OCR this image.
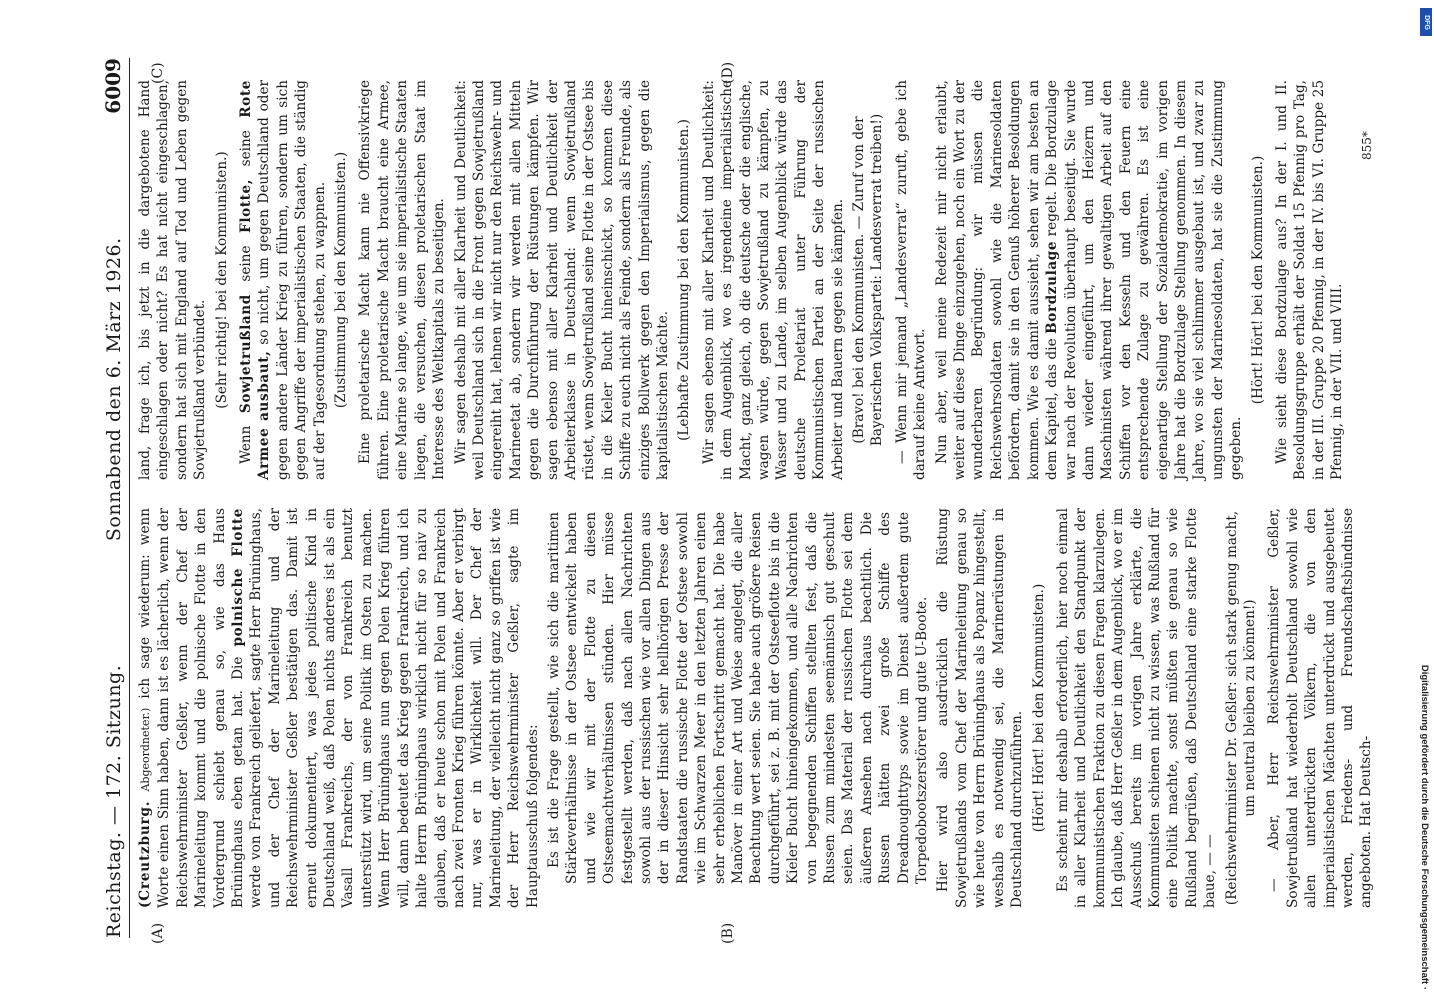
Reichstag. — 172. Sitzung.
Sonnabend den 6. März 1926.
6009
(A)	(B)
(C)	(D)

(Creutzburg. Abgeordneter.) ich sage wiederum: wenn Worte einen Sinn haben, dann ist es lächerlich, wenn der Reichswehrminister Geßler, wenn der Chef der Marineleitung kommt und die polnische Flotte in den Vordergrund schiebt genau so, wie das Haus Brüninghaus eben getan hat. Die polnische Flotte werde von Frankreich geliefert, sagte Herr Brüninghaus, und der Chef der Marineleitung und der Reichswehrminister Geßler bestätigen das. Damit ist erneut dokumentiert, was jedes politische Kind in Deutschland weiß, daß Polen nichts anderes ist als ein Vasall Frankreichs, der von Frankreich benutzt unterstützt wird, um seine Politik im Osten zu machen. Wenn Herr Brüninghaus nun gegen Polen Krieg führen will, dann bedeutet das Krieg gegen Frankreich, und ich halte Herrn Brüninghaus wirklich nicht für so naiv zu glauben, daß er heute schon mit Polen und Frankreich nach zwei Fronten Krieg führen könnte. Aber er verbirgt nur, was er in Wirklichkeit will. Der Chef der Marineleitung, der vielleicht nicht ganz so griffen ist wie der Herr Reichswehrminister Geßler, sagte im Hauptausschuß folgendes: Es ist die Frage gestellt, wie sich die maritimen Stärkeverhältnisse in der Ostsee entwickelt haben und wie wir mit der Flotte zu diesen Ostseemachtverhältnissen stünden. Hier müsse festgestellt werden, daß nach allen Nachrichten sowohl aus der russischen wie vor allen Dingen aus der in dieser Hinsicht sehr hellhörigen Presse der Randstaaten die russische Flotte der Ostsee sowohl wie im Schwarzen Meer in den letzten Jahren einen sehr erheblichen Fortschritt gemacht hat. Die habe Manöver in einer Art und Weise angelegt, die aller Beachtung wert seien. Sie habe auch größere Reisen durchgeführt, sei z. B. mit der Ostseeflotte bis in die Kieler Bucht hineingekommen, und alle Nachrichten von begegnenden Schiffen stellten fest, daß die Russen zum mindesten seemännisch gut geschult seien. Das Material der russischen Flotte sei dem äußeren Ansehen nach durchaus beachtlich. Die Russen hätten zwei große Schiffe des Dreadnoughttyps sowie im Dienst außerdem gute Torpedobootszerstörer und gute U-Boote. Hier wird also ausdrücklich die Rüstung Sowjetrußlands vom Chef der Marineleitung genau so wie heute von Herrn Brüninghaus als Popanz hingestellt, weshalb es notwendig sei, die Marinerüstungen in Deutschland durchzuführen. (Hört! Hört! bei den Kommunisten.) Es scheint mir deshalb erforderlich, hier noch einmal in aller Klarheit und Deutlichkeit den Standpunkt der kommunistischen Fraktion zu diesen Fragen klarzulegen. Ich glaube, daß Herr Geßler in dem Augenblick, wo er im Ausschuß bereits im vorigen Jahre erklärte, die Kommunisten schienen nicht zu wissen, was Rußland für eine Politik machte, sonst müßten sie genau so wie Rußland begrüßen, daß Deutschland eine starke Flotte baue, — — (Reichswehrminister Dr. Geßler: sich stark genug macht, um neutral bleiben zu können!) — Aber, Herr Reichswehrminister Geßler, Sowjetrußland hat wiederholt Deutschland sowohl wie allen unterdrückten Völkern, die von den imperialistischen Mächten unterdrückt und ausgebeutet werden, Friedens- und Freundschaftsbündnisse angeboten. Hat Deutsch-

land, frage ich, bis jetzt in die dargebotene Hand eingeschlagen oder nicht? Es hat nicht eingeschlagen, sondern hat sich mit England auf Tod und Leben gegen Sowjetrußland verbündet. (Sehr richtig! bei den Kommunisten.)

Wenn Sowjetrußland seine Flotte, seine Rote Armee ausbaut, so nicht, um gegen Deutschland oder gegen andere Länder Krieg zu führen, sondern um sich gegen Angriffe der imperialistischen Staaten, die ständig auf der Tagesordnung stehen, zu wappnen. (Zustimmung bei den Kommunisten.) Eine proletarische Macht kann nie Offensivkriege führen. Eine proletarische Macht braucht eine Armee, eine Marine so lange, wie um sie imperialistische Staaten liegen, die versuchen, diesen proletarischen Staat im Interesse des Weltkapitals zu beseitigen. Wir sagen deshalb mit aller Klarheit und Deutlichkeit: weil Deutschland sich in die Front gegen Sowjetrußland eingereiht hat, lehnen wir nicht nur den Reichswehr- und Marineetat ab, sondern wir werden mit allen Mitteln gegen die Durchführung der Rüstungen kämpfen. Wir sagen ebenso mit aller Klarheit und Deutlichkeit der Arbeiterklasse in Deutschland: wenn Sowjetrußland rüstet, wenn Sowjetrußland seine Flotte in der Ostsee bis in die Kieler Bucht hineinschickt, so kommen diese Schiffe zu euch nicht als Feinde, sondern als Freunde, als einziges Bollwerk gegen den Imperialismus, gegen die kapitalistischen Mächte. (Lebhafte Zustimmung bei den Kommunisten.) Wir sagen ebenso mit aller Klarheit und Deutlichkeit: in dem Augenblick, wo es irgendeine imperialistische Macht, ganz gleich, ob die deutsche oder die englische, wagen würde, gegen Sowjetrußland zu kämpfen, zu Wasser und zu Lande, im selben Augenblick würde das deutsche Proletariat unter Führung der Kommunistischen Partei an der Seite der russischen Arbeiter und Bauern gegen sie kämpfen. (Bravo! bei den Kommunisten. — Zuruf von der Bayerischen Volkspartei: Landesverrat treiben!) — Wenn mir jemand „Landesverrat“ zuruft, gebe ich darauf keine Antwort. Nun aber, weil meine Redezeit mir nicht erlaubt, weiter auf diese Dinge einzugehen, noch ein Wort zu der wunderbaren Begründung: wir müssen die Reichswehrsoldaten sowohl wie die Marinesoldaten befördern, damit sie in den Genuß höherer Besoldungen kommen. Wie es damit aussieht, sehen wir am besten an dem Kapitel, das die Bordzulage regelt. Die Bordzulage war nach der Revolution überhaupt beseitigt. Sie wurde dann wieder eingeführt, um den Heizern und Maschinisten während ihrer gewaltigen Arbeit auf den Schiffen vor den Kesseln und den Feuern eine entsprechende Zulage zu gewähren. Es ist eine eigenartige Stellung der Sozialdemokratie, im vorigen Jahre hat die Bordzulage Stellung genommen. In diesem Jahre, wo sie viel schlimmer ausgebaut ist, und zwar zu ungunsten der Marinesoldaten, hat sie die Zustimmung gegeben.

(Hört! Hört! bei den Kommunisten.) Wie sieht diese Bordzulage aus? In der I. und II. Besoldungsgruppe erhält der Soldat 15 Pfennig pro Tag, in der III. Gruppe 20 Pfennig, in der IV. bis VI. Gruppe 25 Pfennig, in der VII. und VIII.

855*
Digitalisierung gefördert durch die Deutsche Forschungsgemeinschaft ·
DFG
